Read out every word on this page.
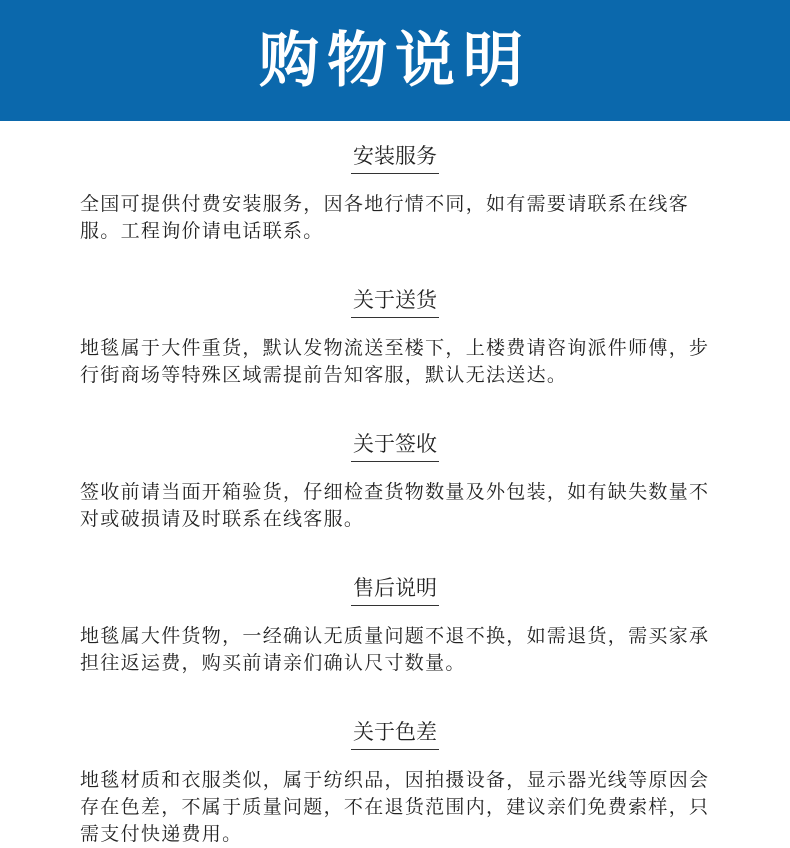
购物说明
安装服务

全国可提供付费安装服务，因各地行情不同，如有需要请联系在线客服。工程询价请电话联系。

关于送货

地毯属于大件重货，默认发物流送至楼下，上楼费请咨询派件师傅，步行街商场等特殊区域需提前告知客服，默认无法送达。

关于签收

签收前请当面开箱验货，仔细检查货物数量及外包装，如有缺失数量不对或破损请及时联系在线客服。

售后说明

地毯属大件货物，一经确认无质量问题不退不换，如需退货，需买家承担往返运费，购买前请亲们确认尺寸数量。

关于色差

地毯材质和衣服类似，属于纺织品，因拍摄设备，显示器光线等原因会存在色差，不属于质量问题，不在退货范围内，建议亲们免费索样，只需支付快递费用。
